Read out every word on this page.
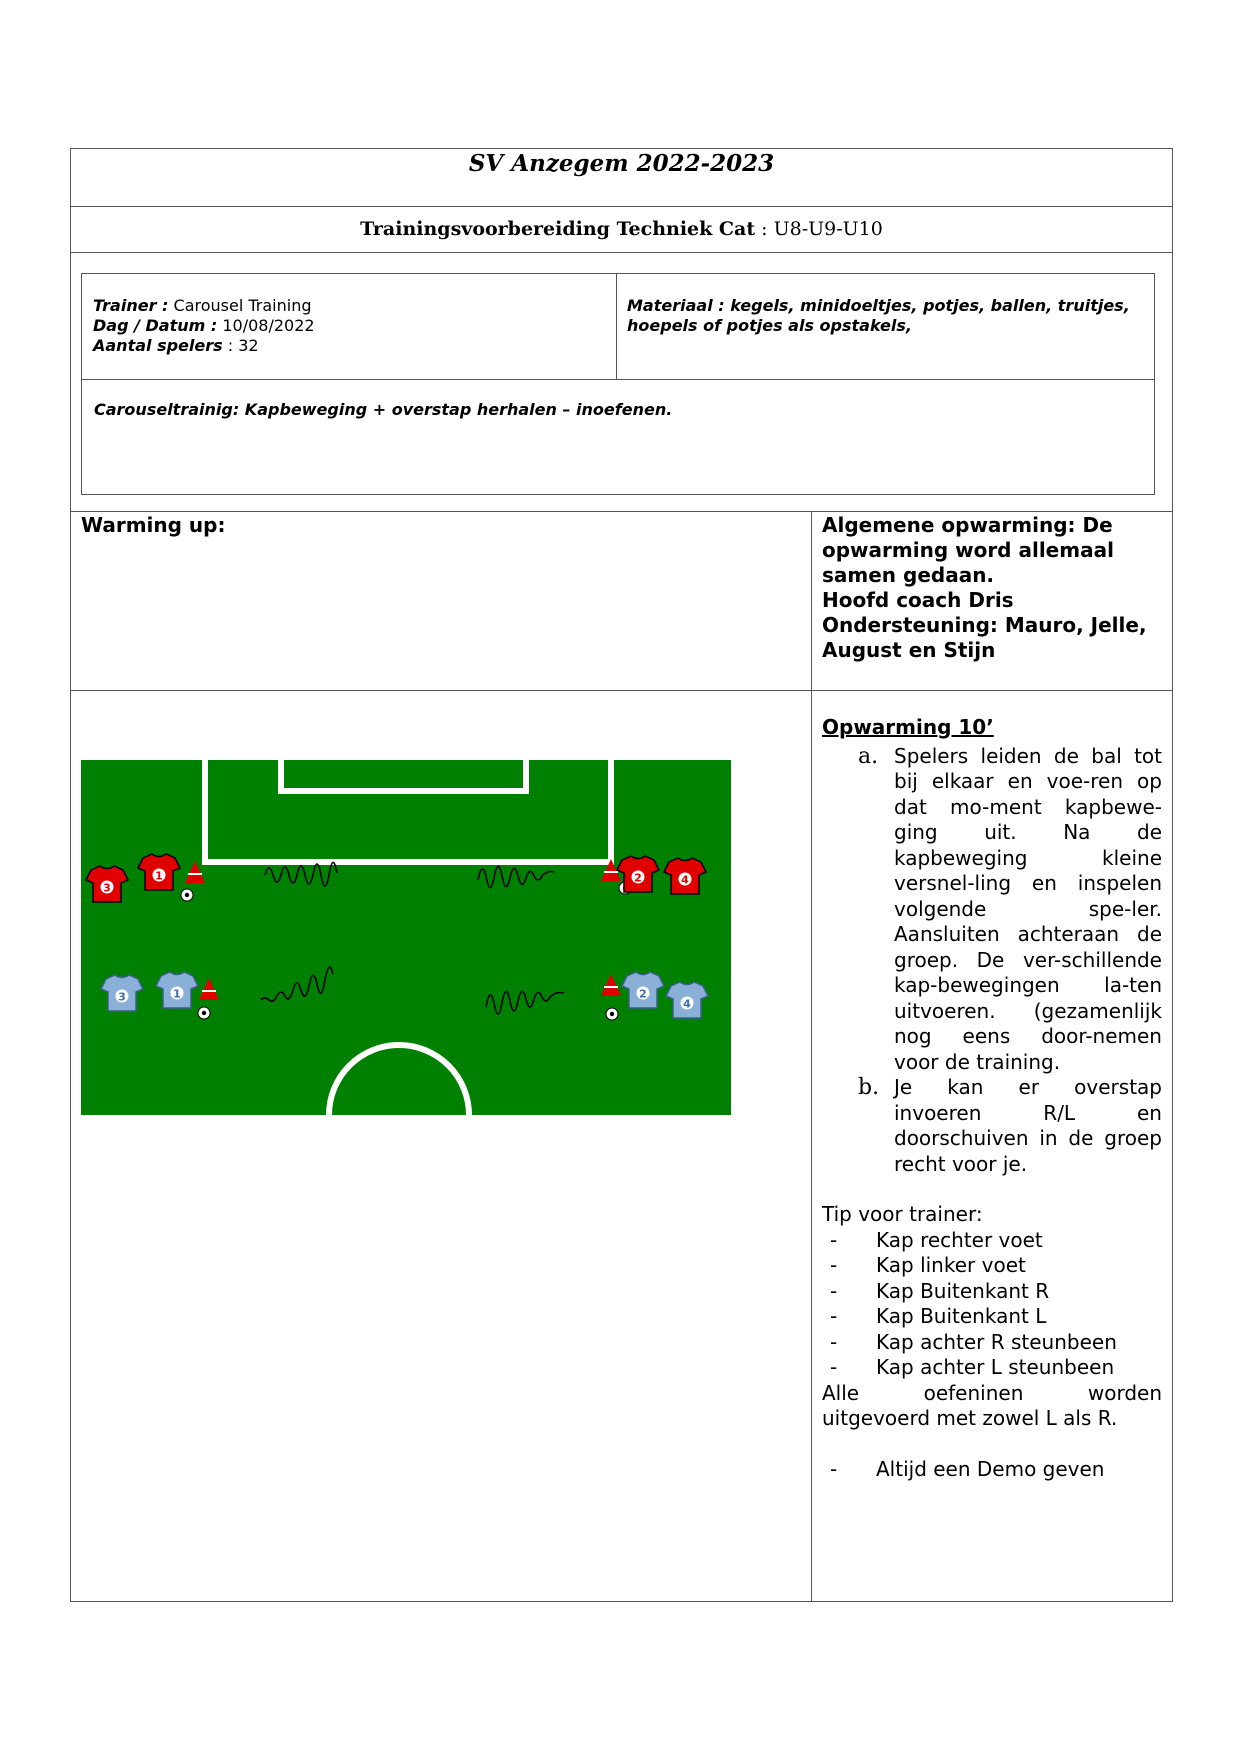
SV Anzegem 2022-2023
Trainingsvoorbereiding Techniek Cat : U8-U9-U10
Trainer : Carousel Training
Dag / Datum : 10/08/2022
Aantal spelers : 32
Materiaal : kegels, minidoeltjes, potjes, ballen, truitjes, hoepels of potjes als opstakels,
Carouseltrainig: Kapbeweging + overstap herhalen – inoefenen.
Warming up:	Algemene opwarming: De
opwarming word allemaal
samen gedaan.
Hoofd coach Dris
Ondersteuning: Mauro, Jelle,
August en Stijn
3
1	2	4
3	1	2
4
Opwarming 10’
a. Spelers leiden de bal tot bij elkaar en voe-ren op dat mo-ment kapbewe-ging uit. Na de kapbeweging kleine versnel-ling en inspelen volgende spe-ler. Aansluiten achteraan de groep. De ver-schillende kap-bewegingen la-ten uitvoeren. (gezamenlijk nog eens door-nemen voor de training.
b. Je kan er overstap invoeren R/L en doorschuiven in de groep recht voor je.
Tip voor trainer:
-	Kap rechter voet
-	Kap linker voet
-	Kap Buitenkant R
-	Kap Buitenkant L
-	Kap achter R steunbeen
-	Kap achter L steunbeen
Alle oefeninen worden
uitgevoerd met zowel L als R.
-	Altijd een Demo geven
